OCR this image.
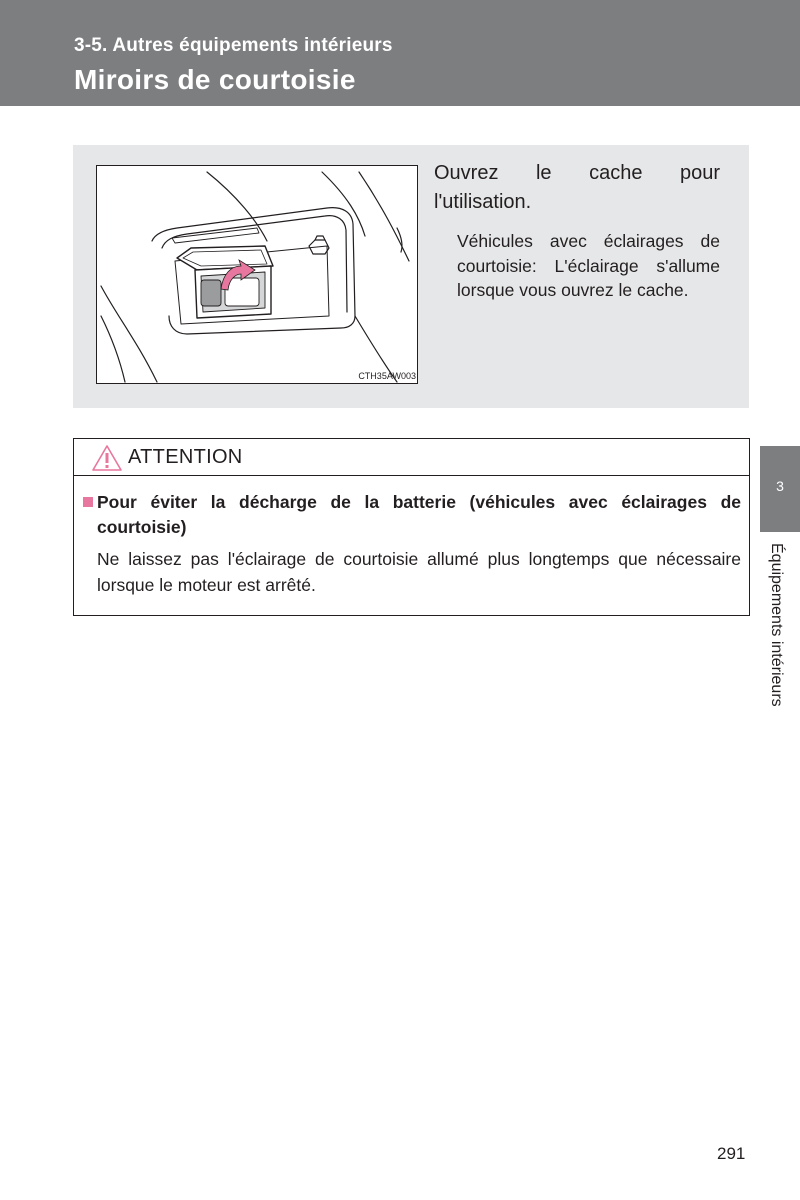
3-5. Autres équipements intérieurs
Miroirs de courtoisie
CTH35AW003
Ouvrez le cache pour l'utilisation.
Véhicules avec éclairages de courtoisie: L'éclairage s'allume lorsque vous ouvrez le cache.
ATTENTION
Pour éviter la décharge de la batterie (véhicules avec éclairages de courtoisie)
Ne laissez pas l'éclairage de courtoisie allumé plus longtemps que nécessaire lorsque le moteur est arrêté.
3
Équipements intérieurs
291
